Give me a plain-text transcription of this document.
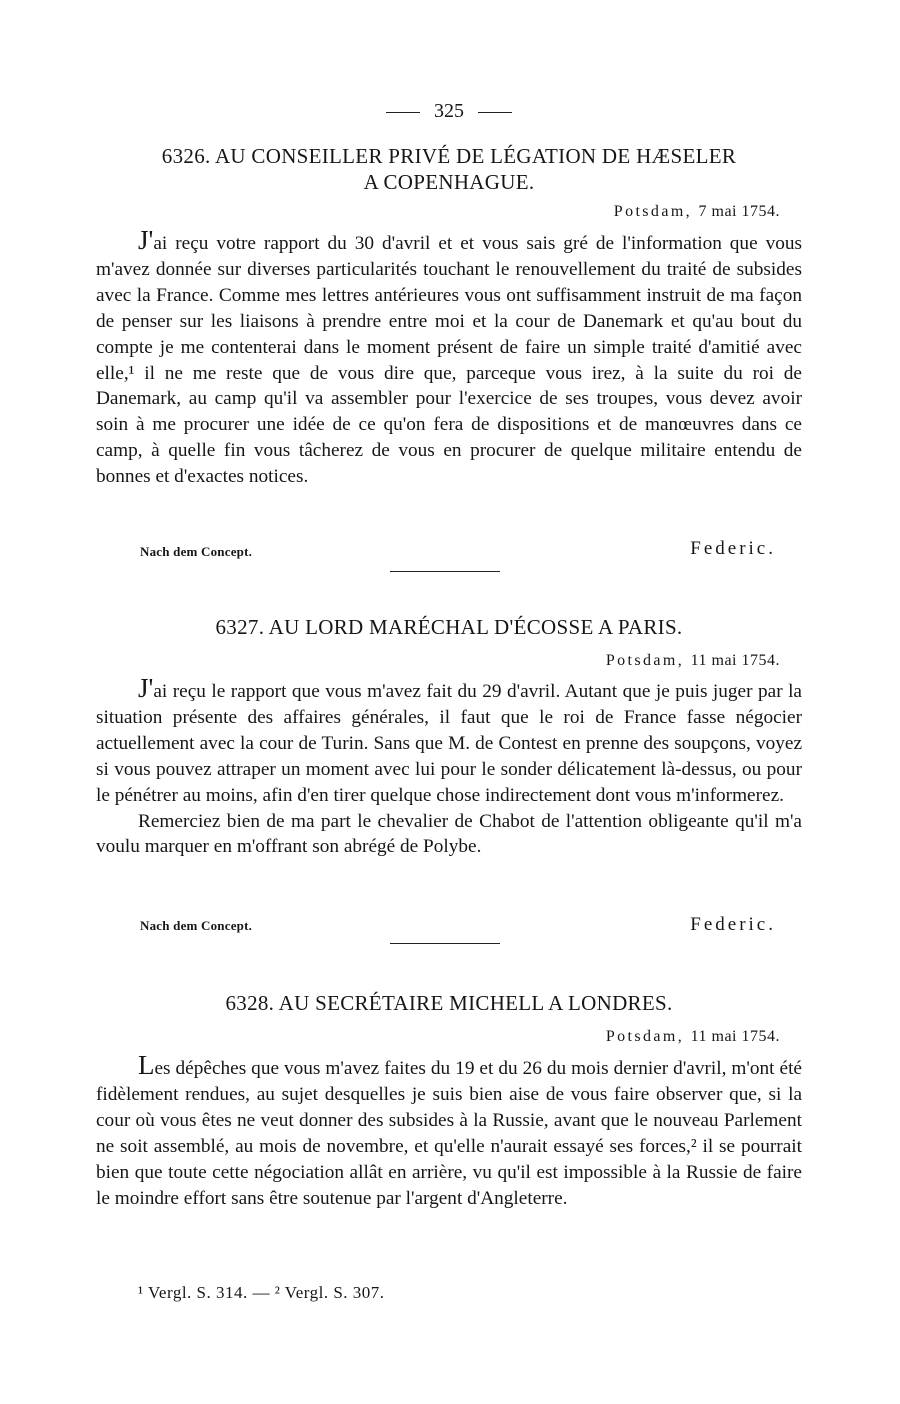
325
6326. AU CONSEILLER PRIVÉ DE LÉGATION DE HÆSELER
A COPENHAGUE.
Potsdam, 7 mai 1754.

J'ai reçu votre rapport du 30 d'avril et et vous sais gré de l'information que vous m'avez donnée sur diverses particularités touchant le renouvellement du traité de subsides avec la France. Comme mes lettres antérieures vous ont suffisamment instruit de ma façon de penser sur les liaisons à prendre entre moi et la cour de Danemark et qu'au bout du compte je me contenterai dans le moment présent de faire un simple traité d'amitié avec elle,¹ il ne me reste que de vous dire que, parceque vous irez, à la suite du roi de Danemark, au camp qu'il va assembler pour l'exercice de ses troupes, vous devez avoir soin à me procurer une idée de ce qu'on fera de dispositions et de manœuvres dans ce camp, à quelle fin vous tâcherez de vous en procurer de quelque militaire entendu de bonnes et d'exactes notices.

Nach dem Concept.	Federic.
6327. AU LORD MARÉCHAL D'ÉCOSSE A PARIS.
Potsdam, 11 mai 1754.

J'ai reçu le rapport que vous m'avez fait du 29 d'avril. Autant que je puis juger par la situation présente des affaires générales, il faut que le roi de France fasse négocier actuellement avec la cour de Turin. Sans que M. de Contest en prenne des soupçons, voyez si vous pouvez attraper un moment avec lui pour le sonder délicatement là-dessus, ou pour le pénétrer au moins, afin d'en tirer quelque chose indirectement dont vous m'informerez.

Remerciez bien de ma part le chevalier de Chabot de l'attention obligeante qu'il m'a voulu marquer en m'offrant son abrégé de Polybe.

Nach dem Concept.	Federic.
6328. AU SECRÉTAIRE MICHELL A LONDRES.
Potsdam, 11 mai 1754.

Les dépêches que vous m'avez faites du 19 et du 26 du mois dernier d'avril, m'ont été fidèlement rendues, au sujet desquelles je suis bien aise de vous faire observer que, si la cour où vous êtes ne veut donner des subsides à la Russie, avant que le nouveau Parlement ne soit assemblé, au mois de novembre, et qu'elle n'aurait essayé ses forces,² il se pourrait bien que toute cette négociation allât en arrière, vu qu'il est impossible à la Russie de faire le moindre effort sans être soutenue par l'argent d'Angleterre.

¹ Vergl. S. 314. — ² Vergl. S. 307.
